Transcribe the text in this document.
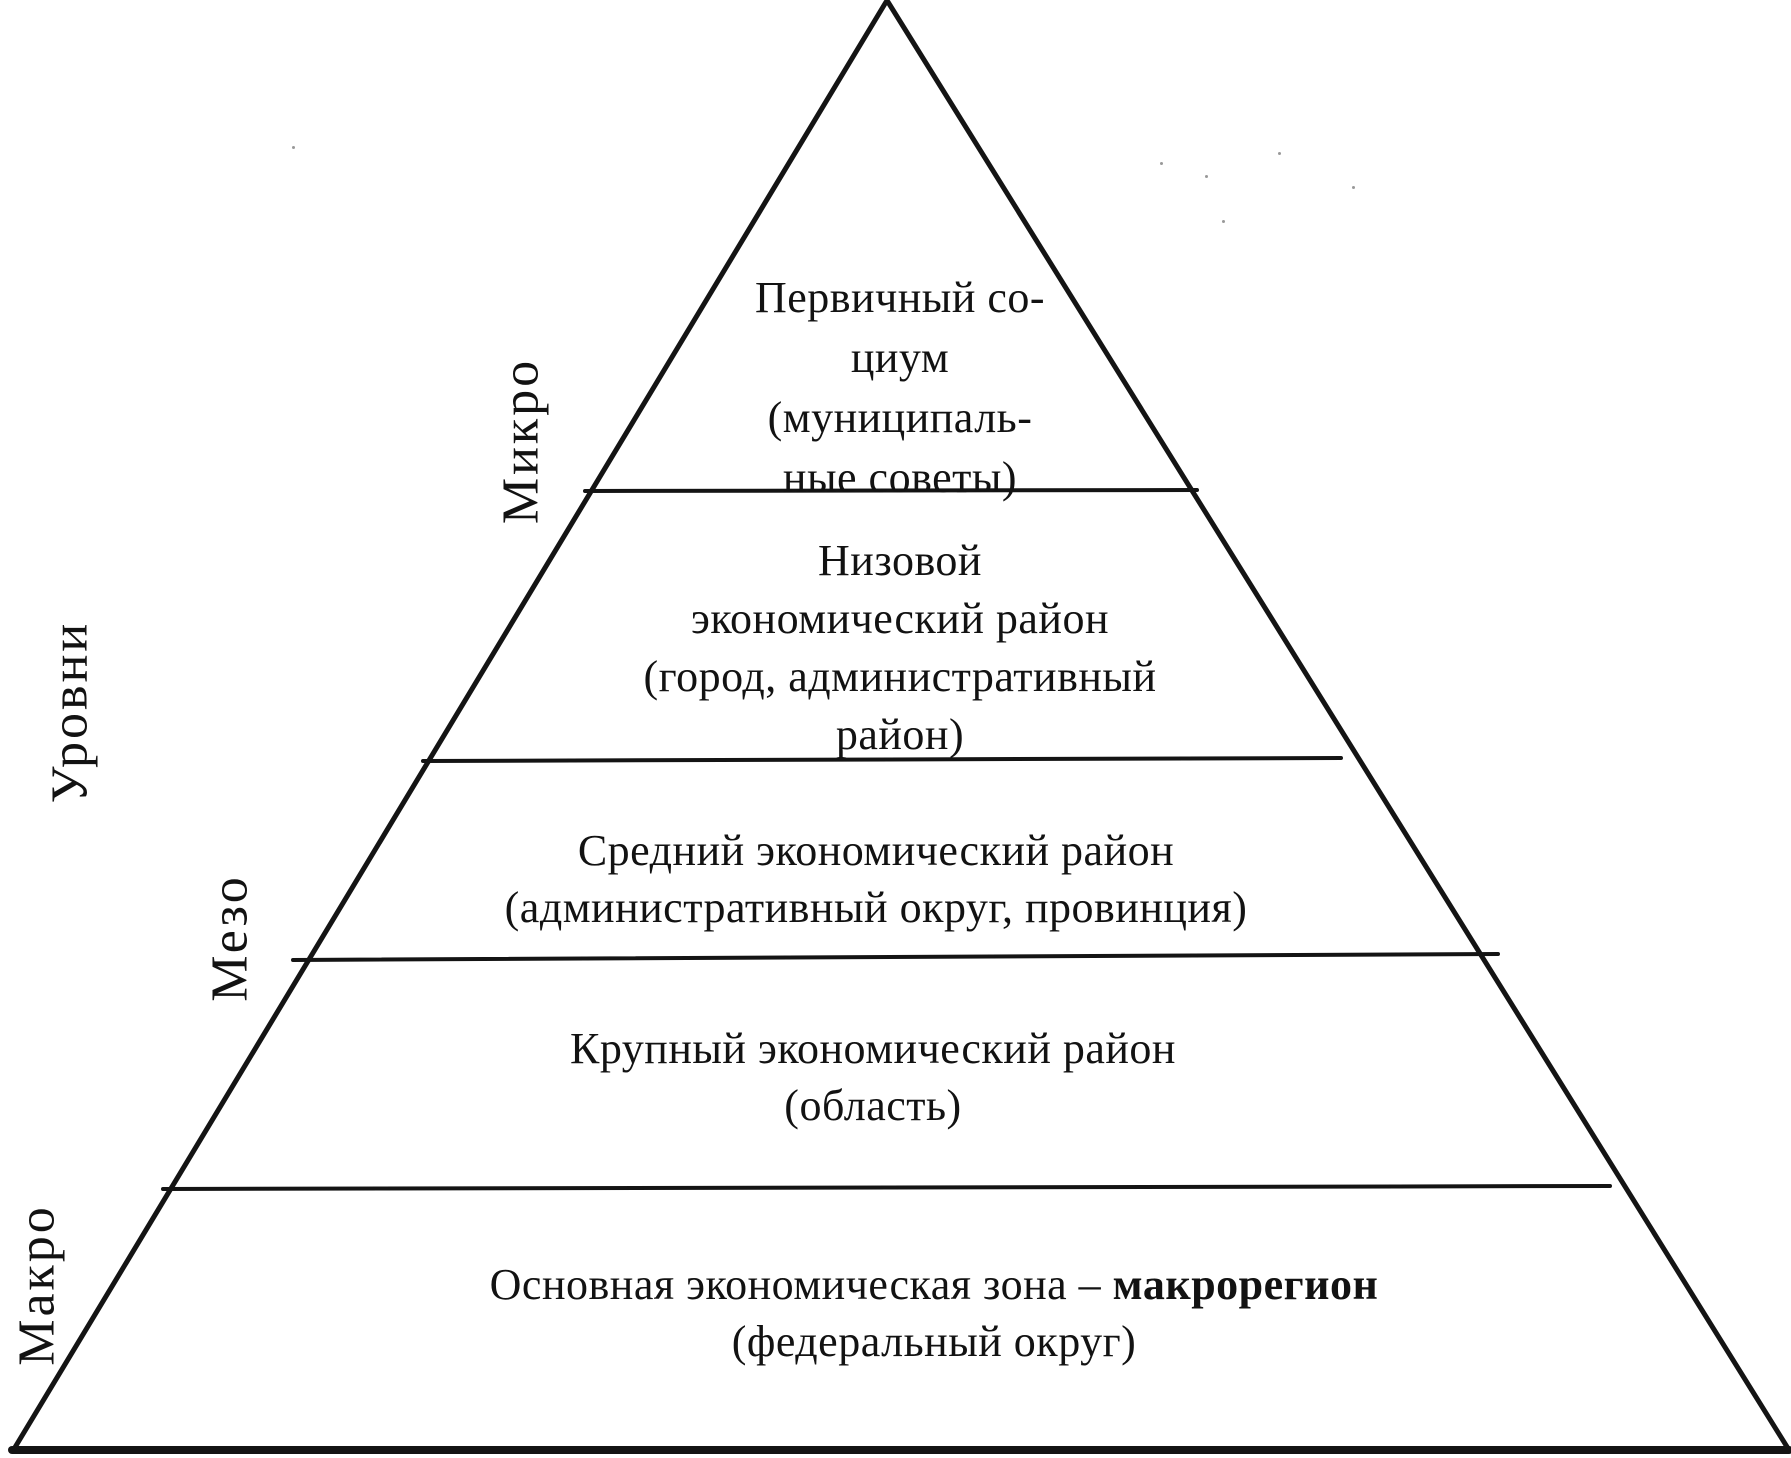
Уровни
Микро
Мезо
Макро
Первичный со-
циум
(муниципаль-
ные советы)
Низовой
экономический район
(город, административный
район)
Средний экономический район
(административный округ, провинция)
Крупный экономический район
(область)
Основная экономическая зона – макрорегион
(федеральный округ)
